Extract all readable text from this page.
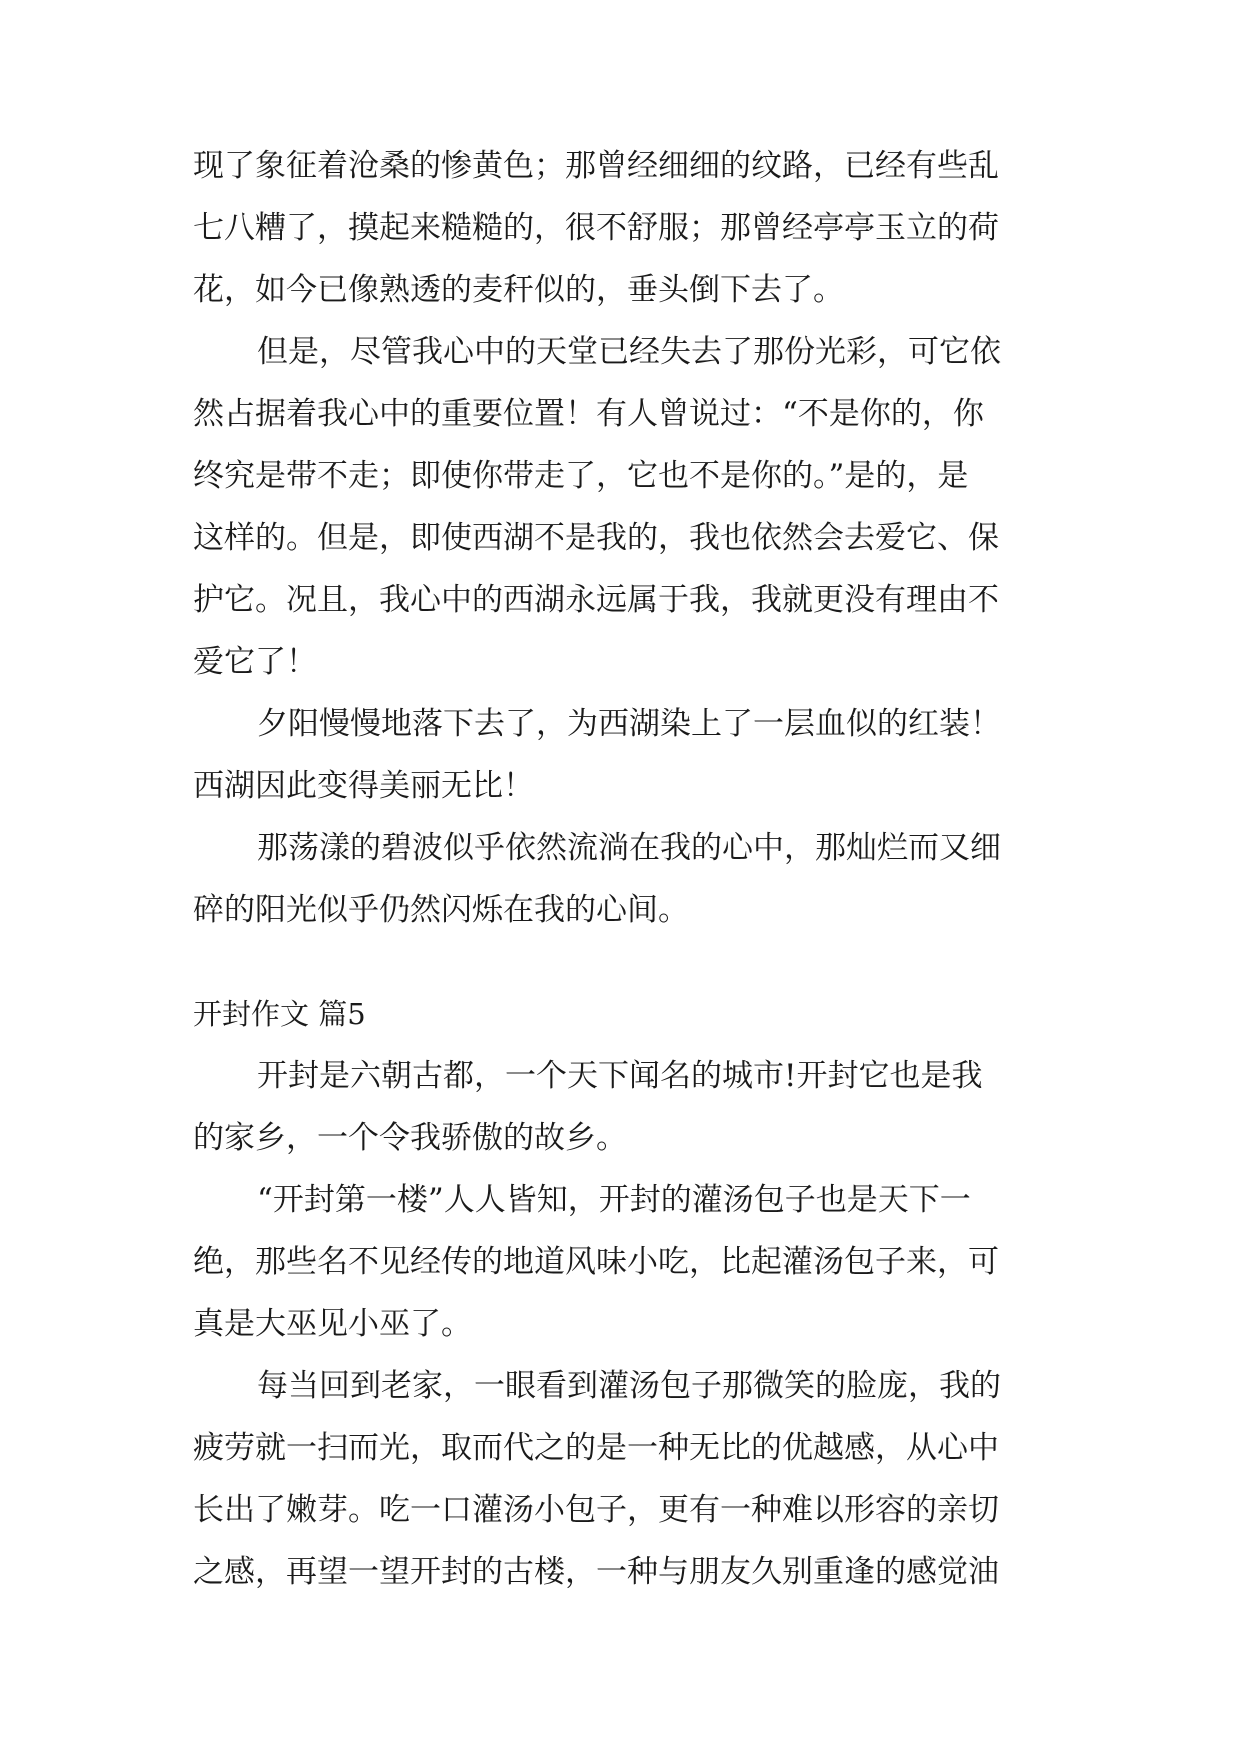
现了象征着沧桑的惨黄色；那曾经细细的纹路，已经有些乱
七八糟了，摸起来糙糙的，很不舒服；那曾经亭亭玉立的荷
花，如今已像熟透的麦秆似的，垂头倒下去了。
但是，尽管我心中的天堂已经失去了那份光彩，可它依
然占据着我心中的重要位置！有人曾说过：“不是你的，你
终究是带不走；即使你带走了，它也不是你的。”是的，是
这样的。但是，即使西湖不是我的，我也依然会去爱它、保
护它。况且，我心中的西湖永远属于我，我就更没有理由不
爱它了！
夕阳慢慢地落下去了，为西湖染上了一层血似的红装！
西湖因此变得美丽无比！
那荡漾的碧波似乎依然流淌在我的心中，那灿烂而又细
碎的阳光似乎仍然闪烁在我的心间。
开封作文 篇5
开封是六朝古都，一个天下闻名的城市!开封它也是我
的家乡，一个令我骄傲的故乡。
“开封第一楼”人人皆知，开封的灌汤包子也是天下一
绝，那些名不见经传的地道风味小吃，比起灌汤包子来，可
真是大巫见小巫了。
每当回到老家，一眼看到灌汤包子那微笑的脸庞，我的
疲劳就一扫而光，取而代之的是一种无比的优越感，从心中
长出了嫩芽。吃一口灌汤小包子，更有一种难以形容的亲切
之感，再望一望开封的古楼，一种与朋友久别重逢的感觉油
